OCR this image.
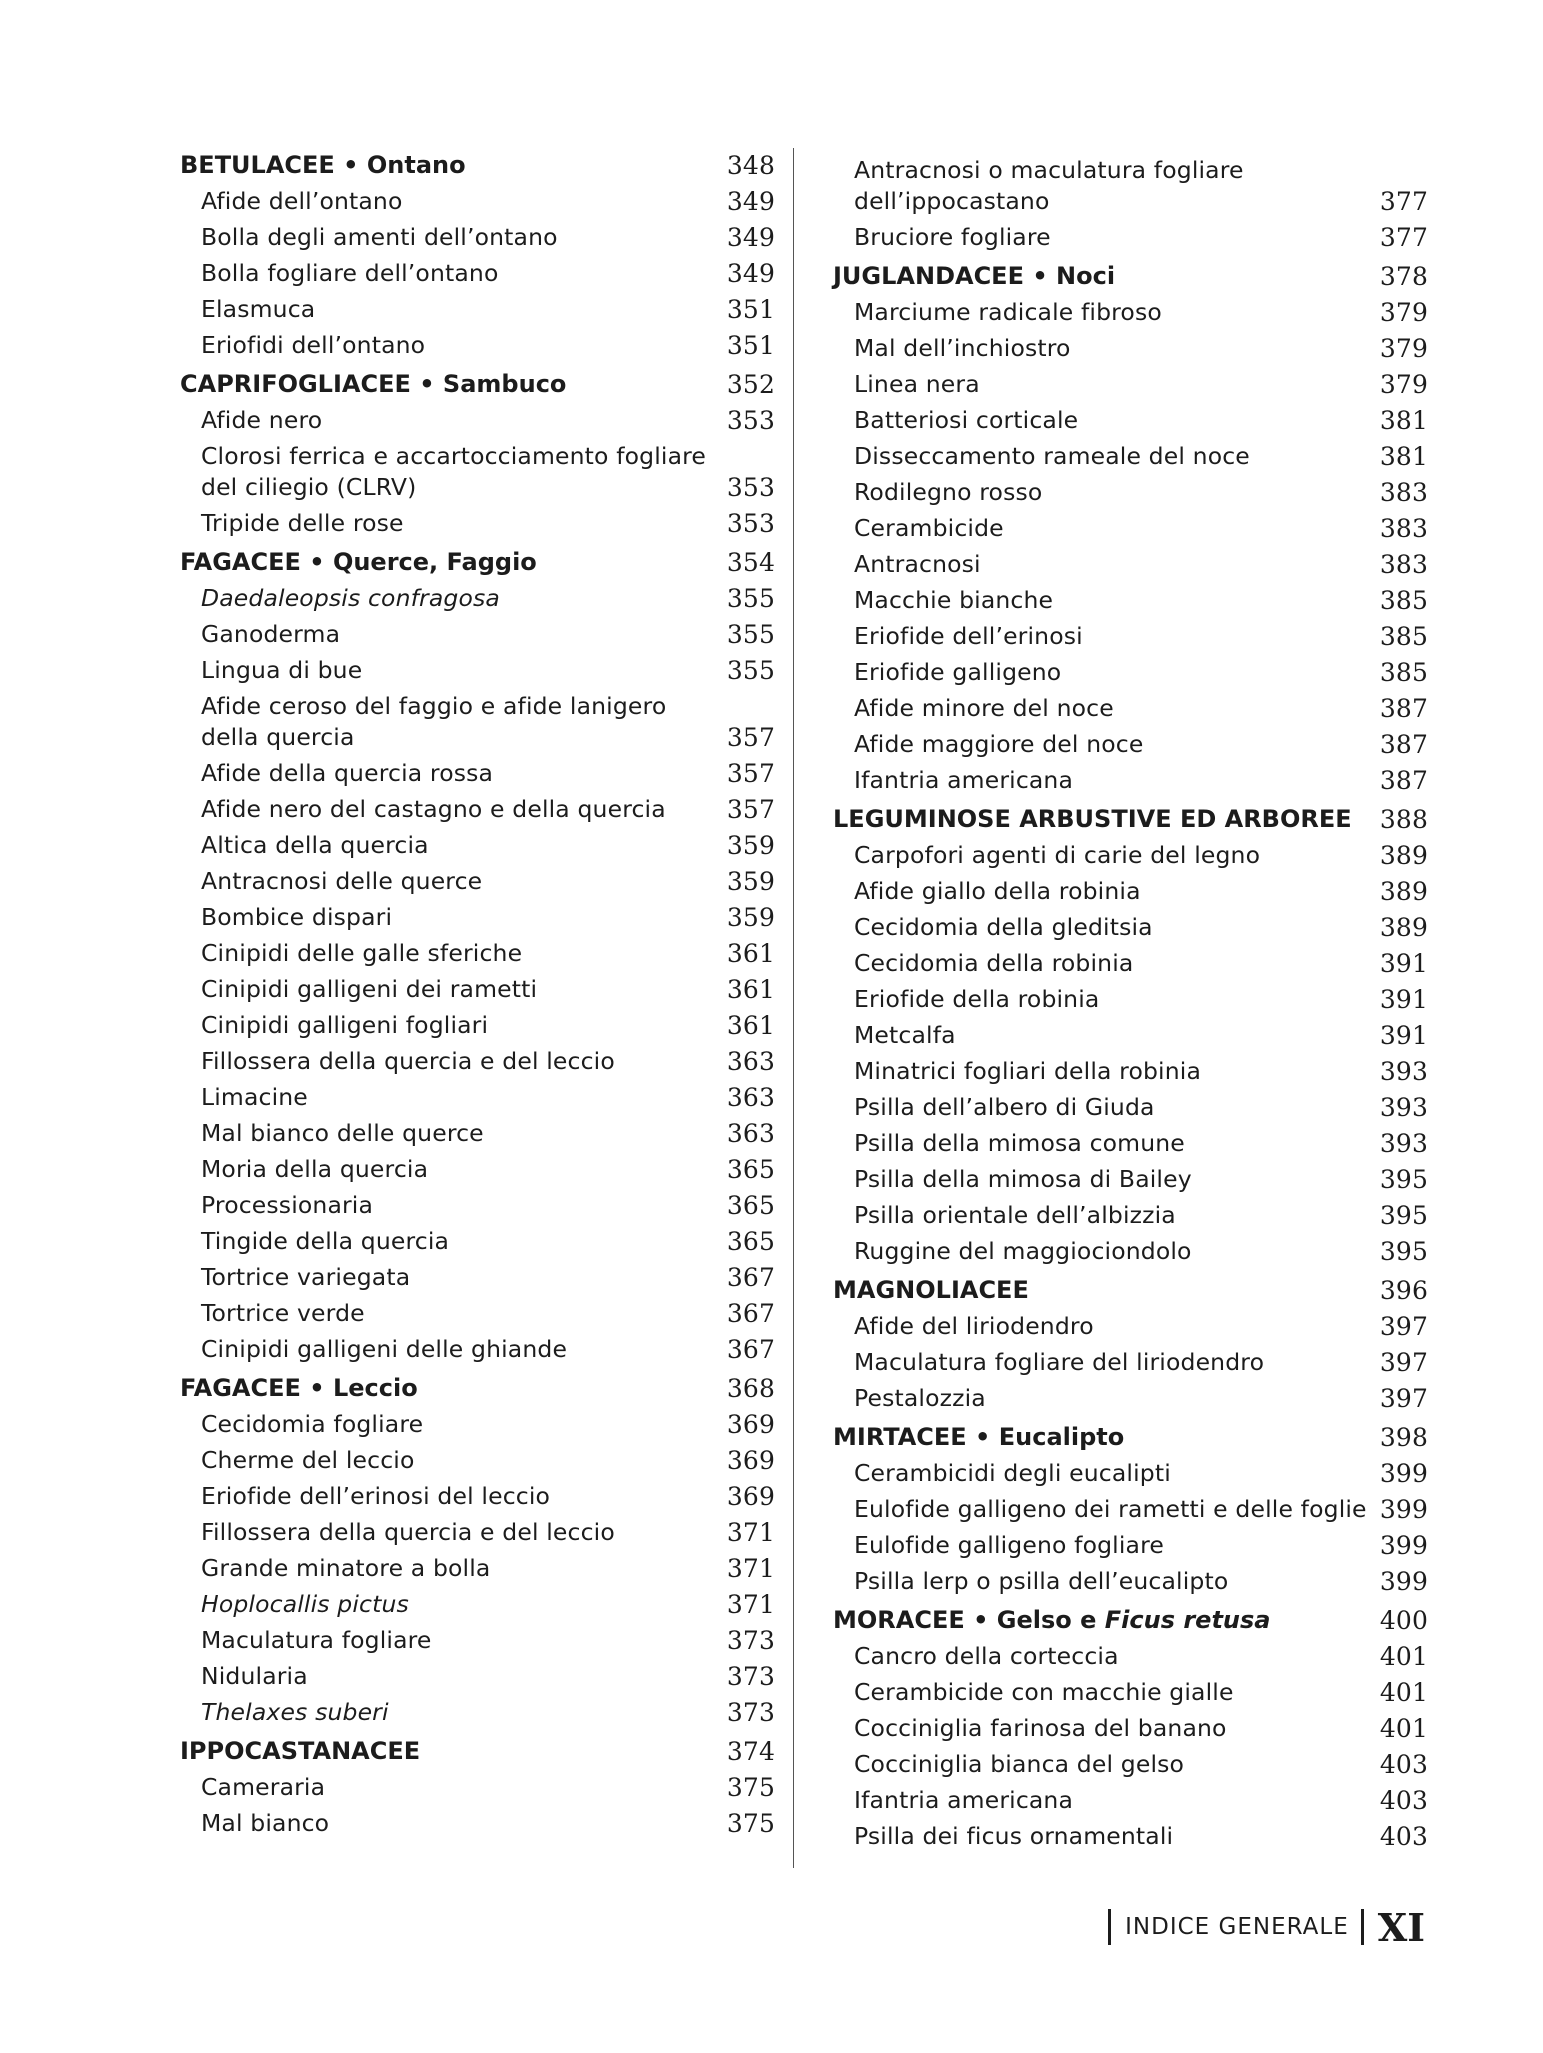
BETULACEE • Ontano	348
Afide dell’ontano	349
Bolla degli amenti dell’ontano	349
Bolla fogliare dell’ontano	349
Elasmuca	351
Eriofidi dell’ontano	351
CAPRIFOGLIACEE • Sambuco	352
Afide nero	353
Clorosi ferrica e accartocciamento fogliare
del ciliegio (CLRV)	353
Tripide delle rose	353
FAGACEE • Querce, Faggio	354
Daedaleopsis confragosa	355
Ganoderma	355
Lingua di bue	355
Afide ceroso del faggio e afide lanigero
della quercia	357
Afide della quercia rossa	357
Afide nero del castagno e della quercia	357
Altica della quercia	359
Antracnosi delle querce	359
Bombice dispari	359
Cinipidi delle galle sferiche	361
Cinipidi galligeni dei rametti	361
Cinipidi galligeni fogliari	361
Fillossera della quercia e del leccio	363
Limacine	363
Mal bianco delle querce	363
Moria della quercia	365
Processionaria	365
Tingide della quercia	365
Tortrice variegata	367
Tortrice verde	367
Cinipidi galligeni delle ghiande	367
FAGACEE • Leccio	368
Cecidomia fogliare	369
Cherme del leccio	369
Eriofide dell’erinosi del leccio	369
Fillossera della quercia e del leccio	371
Grande minatore a bolla	371
Hoplocallis pictus	371
Maculatura fogliare	373
Nidularia	373
Thelaxes suberi	373
IPPOCASTANACEE	374
Cameraria	375
Mal bianco	375
Antracnosi o maculatura fogliare
dell’ippocastano	377
Bruciore fogliare	377
JUGLANDACEE • Noci	378
Marciume radicale fibroso	379
Mal dell’inchiostro	379
Linea nera	379
Batteriosi corticale	381
Disseccamento rameale del noce	381
Rodilegno rosso	383
Cerambicide	383
Antracnosi	383
Macchie bianche	385
Eriofide dell’erinosi	385
Eriofide galligeno	385
Afide minore del noce	387
Afide maggiore del noce	387
Ifantria americana	387
LEGUMINOSE ARBUSTIVE ED ARBOREE	388
Carpofori agenti di carie del legno	389
Afide giallo della robinia	389
Cecidomia della gleditsia	389
Cecidomia della robinia	391
Eriofide della robinia	391
Metcalfa	391
Minatrici fogliari della robinia	393
Psilla dell’albero di Giuda	393
Psilla della mimosa comune	393
Psilla della mimosa di Bailey	395
Psilla orientale dell’albizzia	395
Ruggine del maggiociondolo	395
MAGNOLIACEE	396
Afide del liriodendro	397
Maculatura fogliare del liriodendro	397
Pestalozzia	397
MIRTACEE • Eucalipto	398
Cerambicidi degli eucalipti	399
Eulofide galligeno dei rametti e delle foglie 399
Eulofide galligeno fogliare	399
Psilla lerp o psilla dell’eucalipto	399
MORACEE • Gelso e Ficus retusa	400
Cancro della corteccia	401
Cerambicide con macchie gialle	401
Cocciniglia farinosa del banano	401
Cocciniglia bianca del gelso	403
Ifantria americana	403
Psilla dei ficus ornamentali	403
INDICE GENERALE XI
